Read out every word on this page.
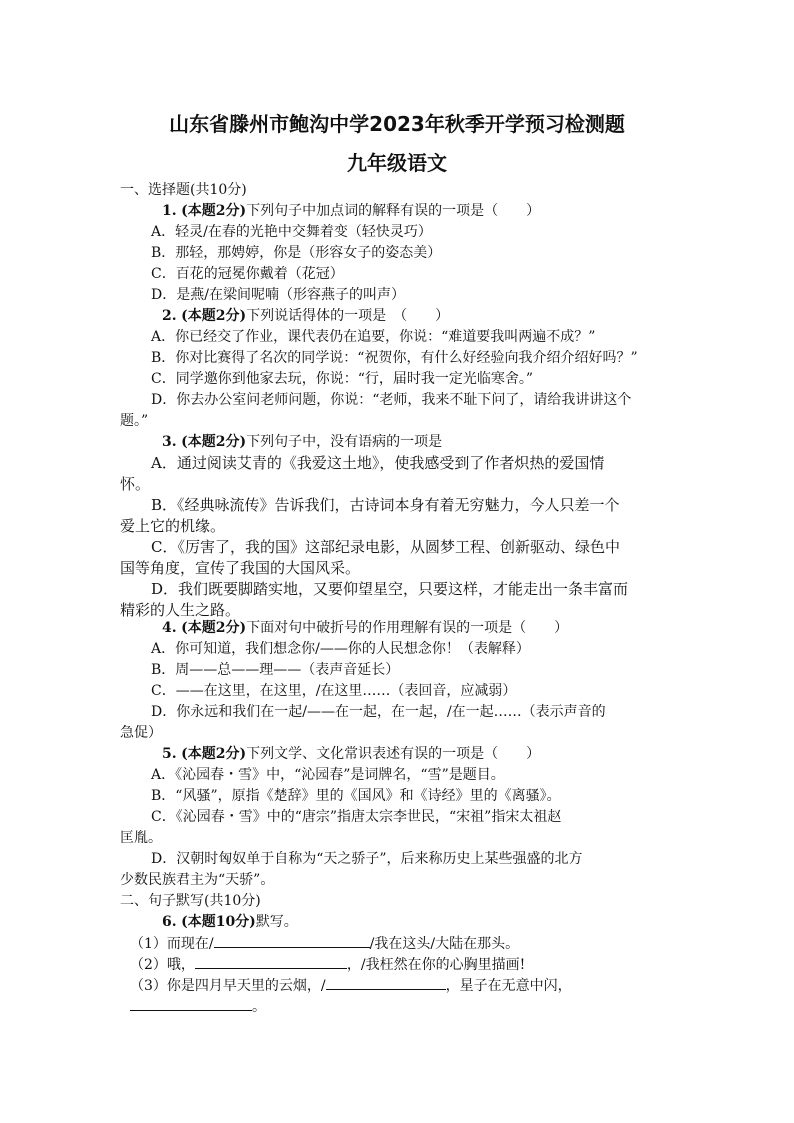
山东省滕州市鲍沟中学2023年秋季开学预习检测题
九年级语文
一、选择题(共10分)
1. (本题2分)下列句子中加点词的解释有误的一项是（　　）
A．轻灵/在春的光艳中交舞着变（轻快灵巧）
B．那轻，那娉婷，你是（形容女子的姿态美）
C．百花的冠冕你戴着（花冠）
D．是燕/在梁间呢喃（形容燕子的叫声）
2. (本题2分)下列说话得体的一项是　（　　）
A．你已经交了作业，课代表仍在追要，你说：“难道要我叫两遍不成？”
B．你对比赛得了名次的同学说：“祝贺你，有什么好经验向我介绍介绍好吗？”
C．同学邀你到他家去玩，你说：“行，届时我一定光临寒舍。”
D．你去办公室问老师问题，你说：“老师，我来不耻下问了，请给我讲讲这个
题。”
3. (本题2分)下列句子中，没有语病的一项是
A．通过阅读艾青的《我爱这土地》，使我感受到了作者炽热的爱国情
怀。
B．《经典咏流传》告诉我们，古诗词本身有着无穷魅力，今人只差一个
爱上它的机缘。
C．《厉害了，我的国》这部纪录电影，从圆梦工程、创新驱动、绿色中
国等角度，宣传了我国的大国风采。
D．我们既要脚踏实地，又要仰望星空，只要这样，才能走出一条丰富而
精彩的人生之路。
4. (本题2分)下面对句中破折号的作用理解有误的一项是（　　）
A．你可知道，我们想念你/——你的人民想念你！（表解释）
B．周——总——理——（表声音延长）
C．——在这里，在这里，/在这里……（表回音，应减弱）
D．你永远和我们在一起/——在一起，在一起，/在一起……（表示声音的
急促）
5. (本题2分)下列文学、文化常识表述有误的一项是（　　）
A．《沁园春・雪》中，“沁园春”是词牌名，“雪”是题目。
B．“风骚”，原指《楚辞》里的《国风》和《诗经》里的《离骚》。
C．《沁园春・雪》中的“唐宗”指唐太宗李世民，“宋祖”指宋太祖赵
匡胤。
D．汉朝时匈奴单于自称为“天之骄子”，后来称历史上某些强盛的北方
少数民族君主为“天骄”。
二、句子默写(共10分)
6. (本题10分)默写。
（1）而现在/	/我在这头/大陆在那头。
（2）哦，	，/我枉然在你的心胸里描画!
（3）你是四月早天里的云烟，/	，星子在无意中闪，
。
